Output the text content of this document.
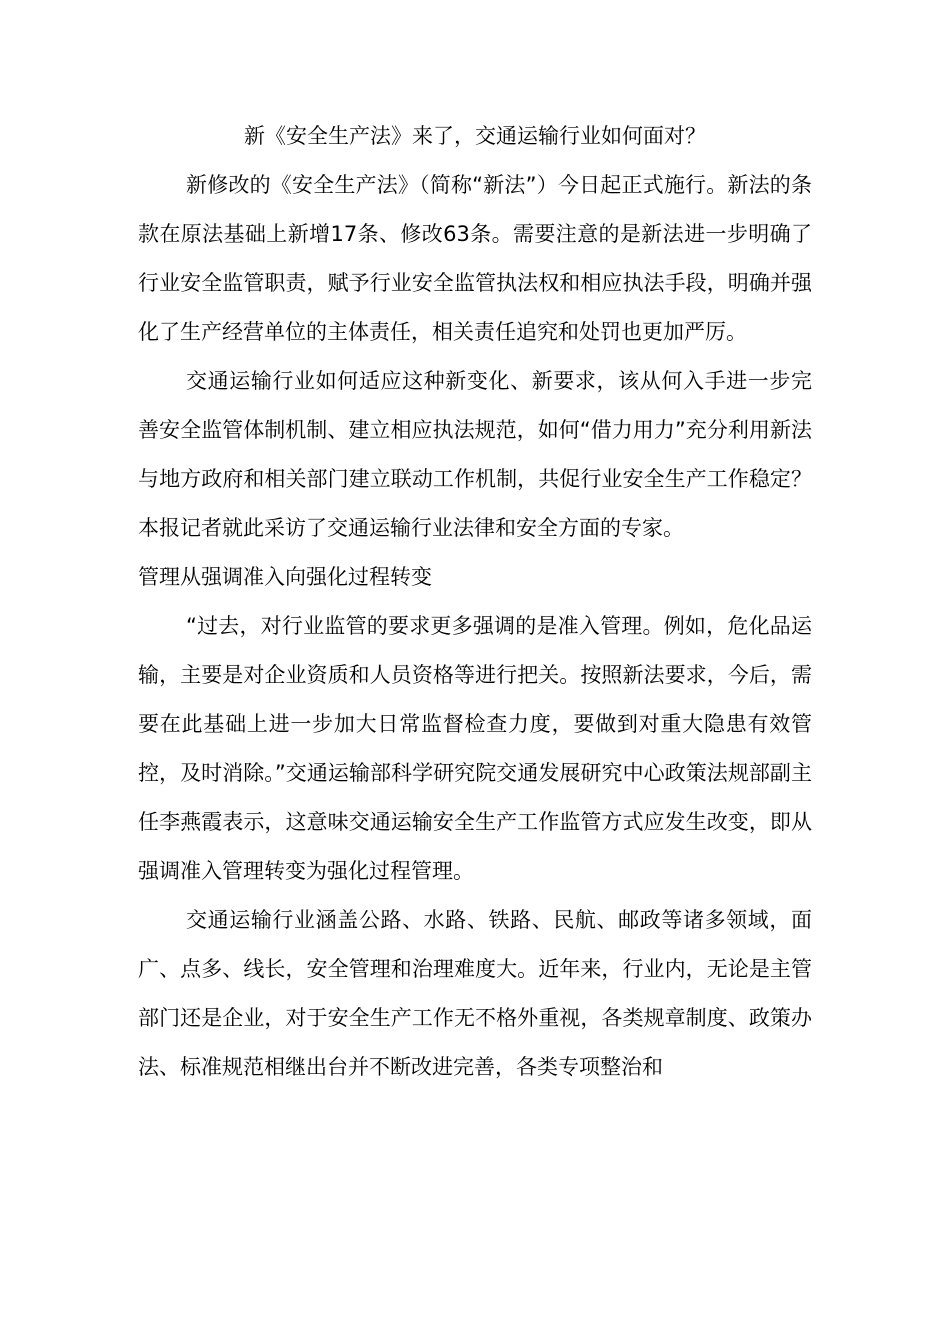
新《安全生产法》来了，交通运输行业如何面对？

新修改的《安全生产法》（简称“新法”）今日起正式施行。新法的条款在原法基础上新增17条、修改63条。需要注意的是新法进一步明确了行业安全监管职责，赋予行业安全监管执法权和相应执法手段，明确并强化了生产经营单位的主体责任，相关责任追究和处罚也更加严厉。

交通运输行业如何适应这种新变化、新要求，该从何入手进一步完善安全监管体制机制、建立相应执法规范，如何“借力用力”充分利用新法与地方政府和相关部门建立联动工作机制，共促行业安全生产工作稳定？本报记者就此采访了交通运输行业法律和安全方面的专家。

管理从强调准入向强化过程转变

“过去，对行业监管的要求更多强调的是准入管理。例如，危化品运输，主要是对企业资质和人员资格等进行把关。按照新法要求，今后，需要在此基础上进一步加大日常监督检查力度，要做到对重大隐患有效管控，及时消除。”交通运输部科学研究院交通发展研究中心政策法规部副主任李燕霞表示，这意味交通运输安全生产工作监管方式应发生改变，即从强调准入管理转变为强化过程管理。

交通运输行业涵盖公路、水路、铁路、民航、邮政等诸多领域，面广、点多、线长，安全管理和治理难度大。近年来，行业内，无论是主管部门还是企业，对于安全生产工作无不格外重视，各类规章制度、政策办法、标准规范相继出台并不断改进完善，各类专项整治和
